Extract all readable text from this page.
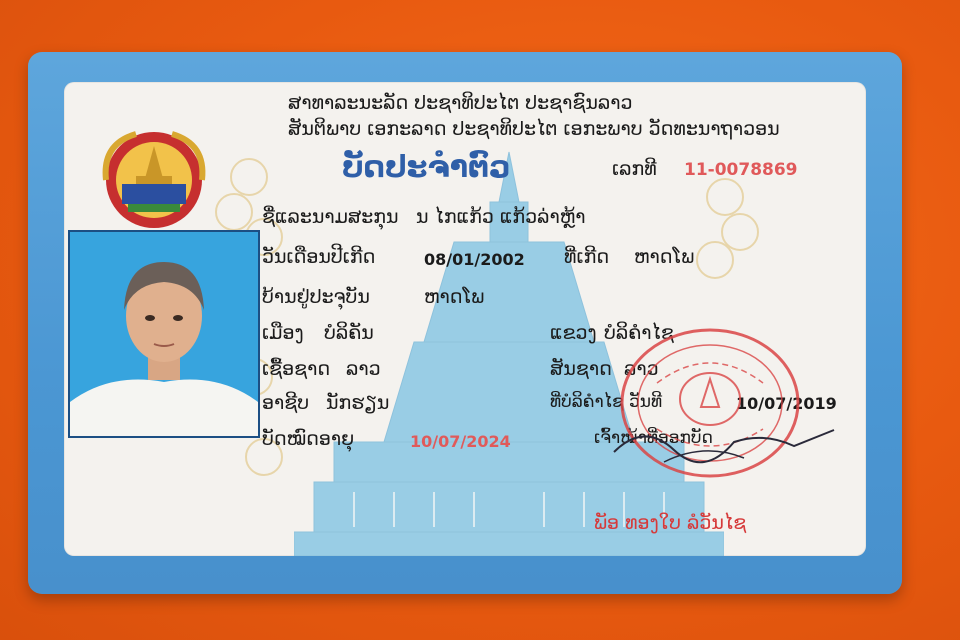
ສາທາລະນະລັດ ປະຊາທິປະໄຕ ປະຊາຊົນລາວ
ສັນຕິພາບ ເອກະລາດ ປະຊາທິປະໄຕ ເອກະພາບ ວັດທະນາຖາວອນ
ບັດປະຈຳຕົວ	ເລກທີ 11-0078869
ຊື່ແລະນາມສະກຸນ ນ ໄກແກ້ວ ແກ້ວລ່າຫຼ້າ
ວັນເດືອນປີເກີດ	08/01/2002 ທີ່ເກີດ ຫາດໂພ
ບ້ານຢູ່ປະຈຸບັນ	ຫາດໂພ
ເມືອງ ບໍລິຄັນ	ແຂວງ ບໍລິຄຳໄຊ
ເຊື້ອຊາດ ລາວ	ສັນຊາດ ລາວ
ອາຊີບ ນັກຮຽນ	ທີ່ບໍລິຄຳໄຊ ວັນທີ	10/07/2019
ບັດໝົດອາຍຸ	10/07/2024	ເຈົ້າໜ້າທີ່ອອກບັດ
ພັອ ທອງໃບ ລໍວັນໄຊ
